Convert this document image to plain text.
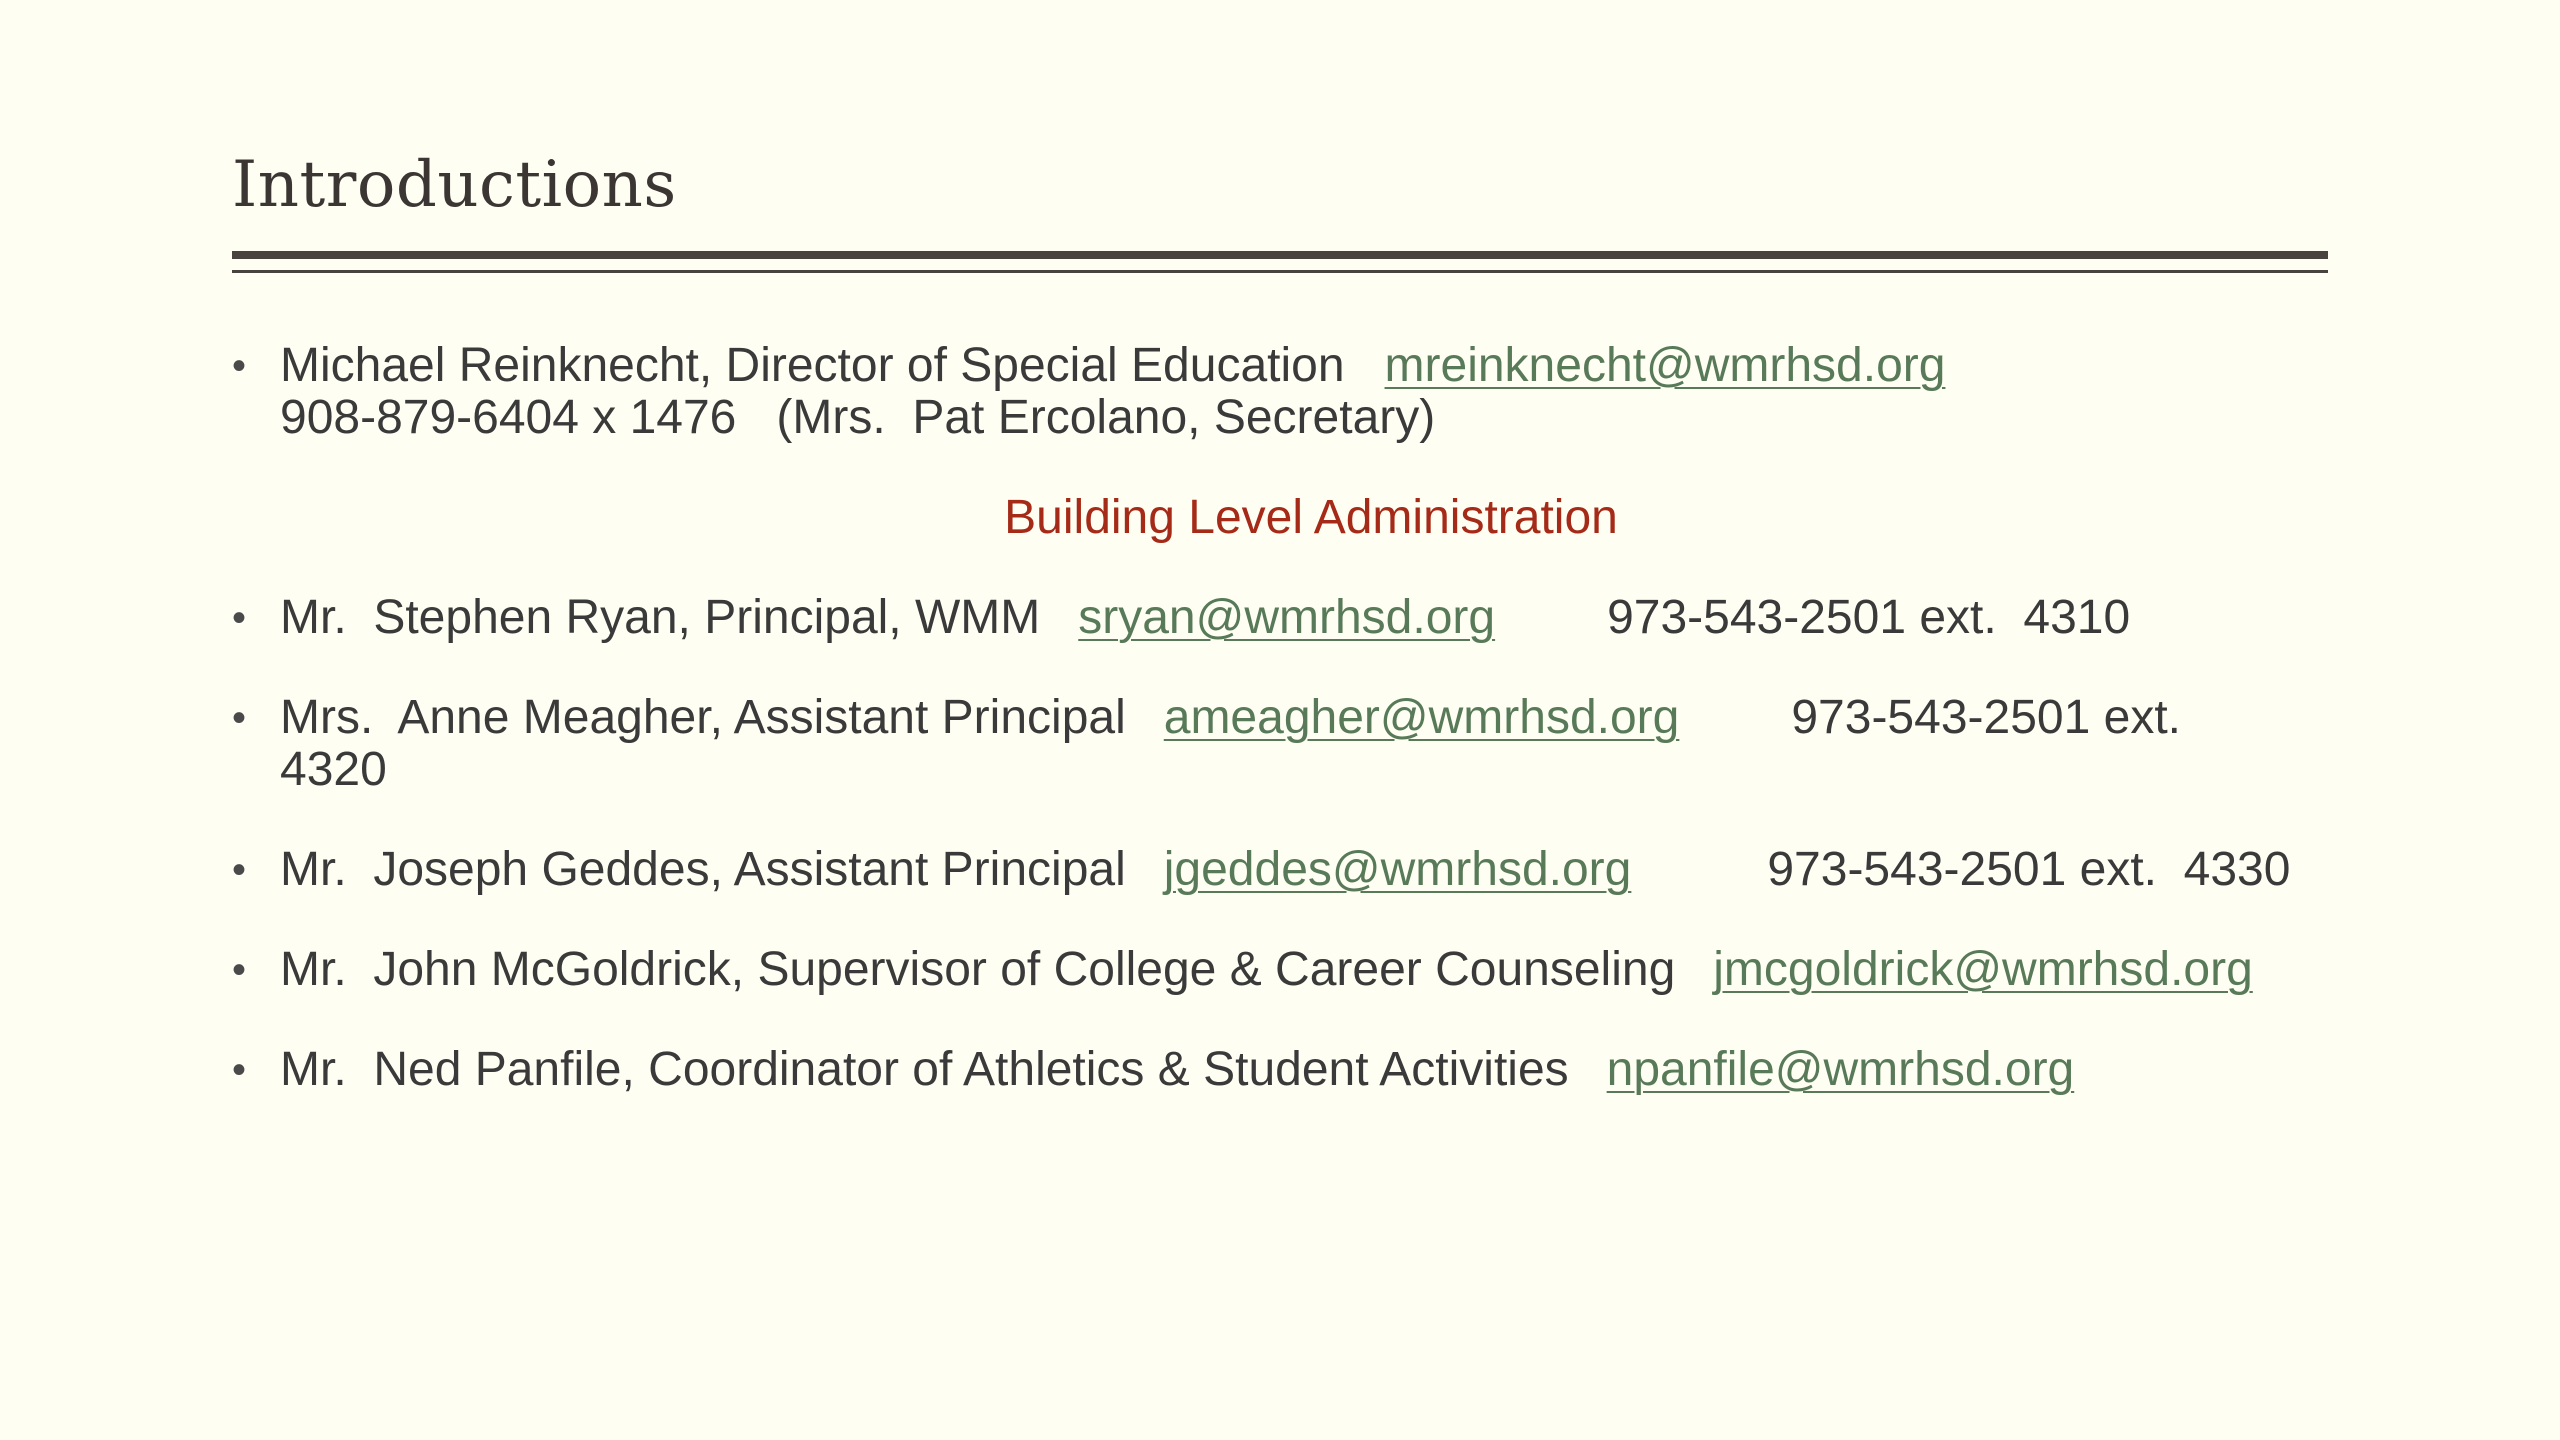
Introductions
• Michael Reinknecht, Director of Special Education mreinknecht@wmrhsd.org
908-879-6404 x 1476   (Mrs.  Pat Ercolano, Secretary)
Building Level Administration
• Mr.  Stephen Ryan, Principal, WMM sryan@wmrhsd.org 973-543-2501 ext.  4310
• Mrs.  Anne Meagher, Assistant Principal ameagher@wmrhsd.org 973-543-2501 ext.
4320
• Mr.  Joseph Geddes, Assistant Principal jgeddes@wmrhsd.org	973-543-2501 ext.  4330
• Mr.  John McGoldrick, Supervisor of College & Career Counseling jmcgoldrick@wmrhsd.org
• Mr.  Ned Panfile, Coordinator of Athletics & Student Activities npanfile@wmrhsd.org
